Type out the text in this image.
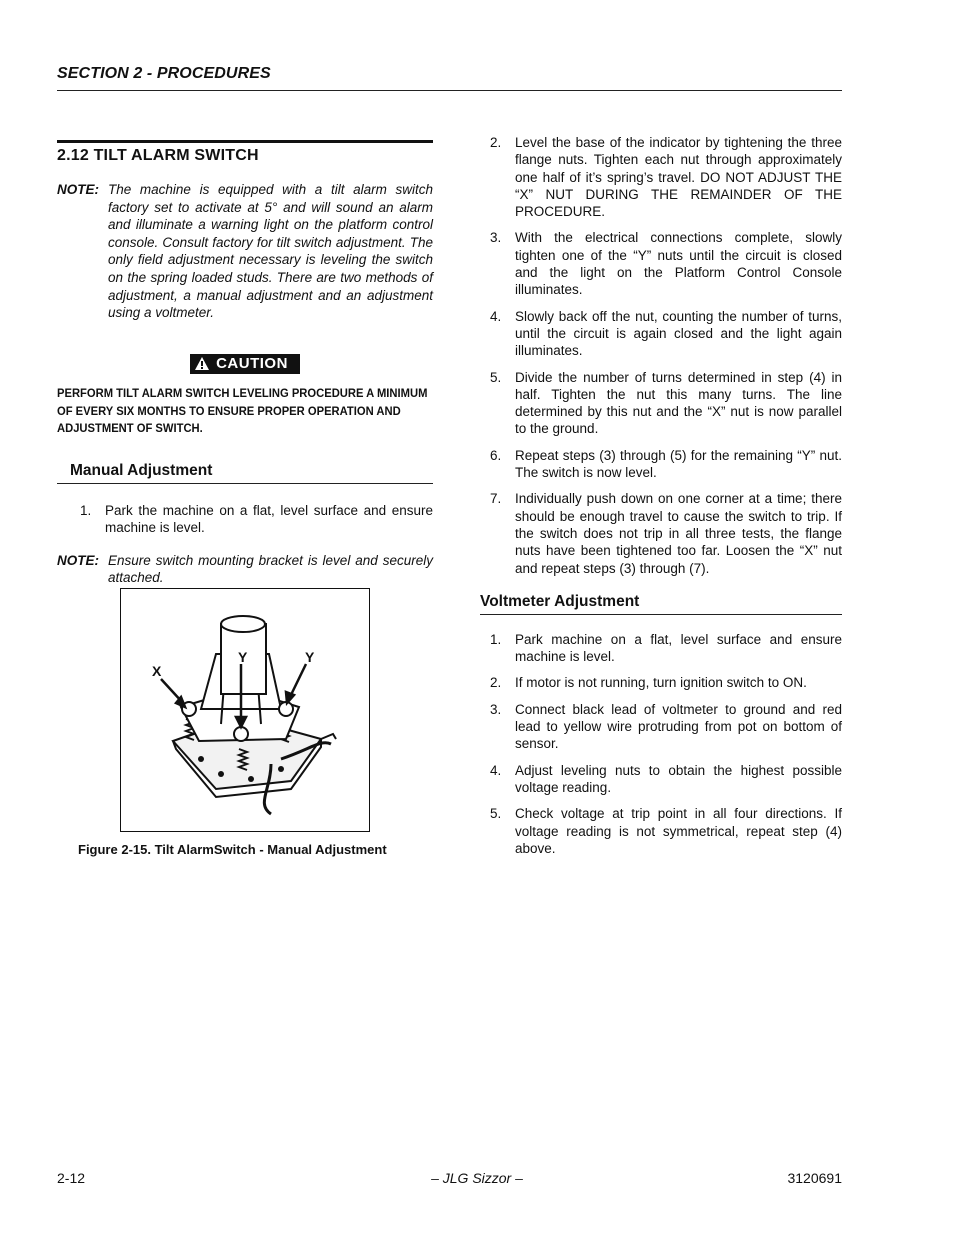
SECTION 2 - PROCEDURES
2.12 TILT ALARM SWITCH
NOTE: The machine is equipped with a tilt alarm switch factory set to activate at 5° and will sound an alarm and illuminate a warning light on the platform control console. Consult factory for tilt switch adjustment. The only field adjustment necessary is leveling the switch on the spring loaded studs. There are two methods of adjustment, a manual adjustment and an adjustment using a voltmeter.
CAUTION
PERFORM TILT ALARM SWITCH LEVELING PROCEDURE A MINIMUM OF EVERY SIX MONTHS TO ENSURE PROPER OPERATION AND ADJUSTMENT OF SWITCH.
Manual Adjustment
1.	Park the machine on a flat, level surface and ensure machine is level.
NOTE: Ensure switch mounting bracket is level and securely attached.
X
Y	Y
Figure 2-15. Tilt AlarmSwitch - Manual Adjustment
2.	Level the base of the indicator by tightening the three flange nuts. Tighten each nut through approximately one half of it’s spring’s travel. DO NOT ADJUST THE “X” NUT DURING THE REMAINDER OF THE PROCEDURE.
3.	With the electrical connections complete, slowly tighten one of the “Y” nuts until the circuit is closed and the light on the Platform Control Console illuminates.
4.	Slowly back off the nut, counting the number of turns, until the circuit is again closed and the light again illuminates.
5.	Divide the number of turns determined in step (4) in half. Tighten the nut this many turns. The line determined by this nut and the “X” nut is now parallel to the ground.
6.	Repeat steps (3) through (5) for the remaining “Y” nut. The switch is now level.
7.	Individually push down on one corner at a time; there should be enough travel to cause the switch to trip. If the switch does not trip in all three tests, the flange nuts have been tightened too far. Loosen the “X” nut and repeat steps (3) through (7).
Voltmeter Adjustment
1.	Park machine on a flat, level surface and ensure machine is level.
2.	If motor is not running, turn ignition switch to ON.
3.	Connect black lead of voltmeter to ground and red lead to yellow wire protruding from pot on bottom of sensor.
4.	Adjust leveling nuts to obtain the highest possible voltage reading.
5.	Check voltage at trip point in all four directions. If voltage reading is not symmetrical, repeat step (4) above.
2-12	– JLG Sizzor –	3120691
